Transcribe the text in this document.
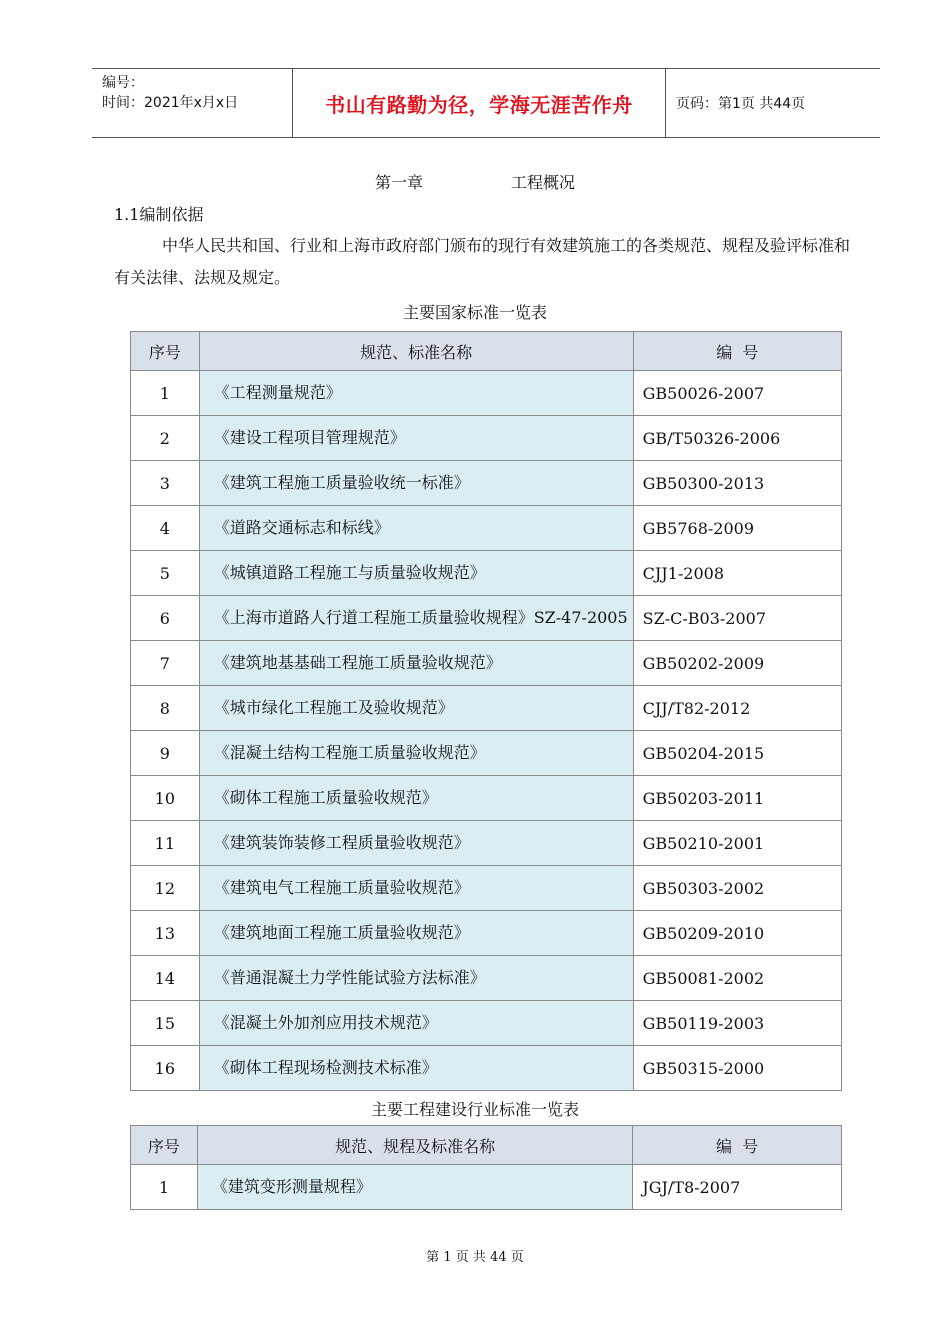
编号：
时间：2021年x月x日	书山有路勤为径，学海无涯苦作舟	页码：第1页 共44页
第一章	工程概况
1.1编制依据
中华人民共和国、行业和上海市政府部门颁布的现行有效建筑施工的各类规范、规程及验评标准和有关法律、法规及规定。
主要国家标准一览表
序号	规范、标准名称	编  号
1	《工程测量规范》	GB50026-2007
2	《建设工程项目管理规范》	GB/T50326-2006
3	《建筑工程施工质量验收统一标准》	GB50300-2013
4	《道路交通标志和标线》	GB5768-2009
5	《城镇道路工程施工与质量验收规范》	CJJ1-2008
6	《上海市道路人行道工程施工质量验收规程》SZ-47-2005	SZ-C-B03-2007
7	《建筑地基基础工程施工质量验收规范》	GB50202-2009
8	《城市绿化工程施工及验收规范》	CJJ/T82-2012
9	《混凝土结构工程施工质量验收规范》	GB50204-2015
10	《砌体工程施工质量验收规范》	GB50203-2011
11	《建筑装饰装修工程质量验收规范》	GB50210-2001
12	《建筑电气工程施工质量验收规范》	GB50303-2002
13	《建筑地面工程施工质量验收规范》	GB50209-2010
14	《普通混凝土力学性能试验方法标准》	GB50081-2002
15	《混凝土外加剂应用技术规范》	GB50119-2003
16	《砌体工程现场检测技术标准》	GB50315-2000
主要工程建设行业标准一览表
序号	规范、规程及标准名称	编  号
1	《建筑变形测量规程》	JGJ/T8-2007
第 1 页 共 44 页
